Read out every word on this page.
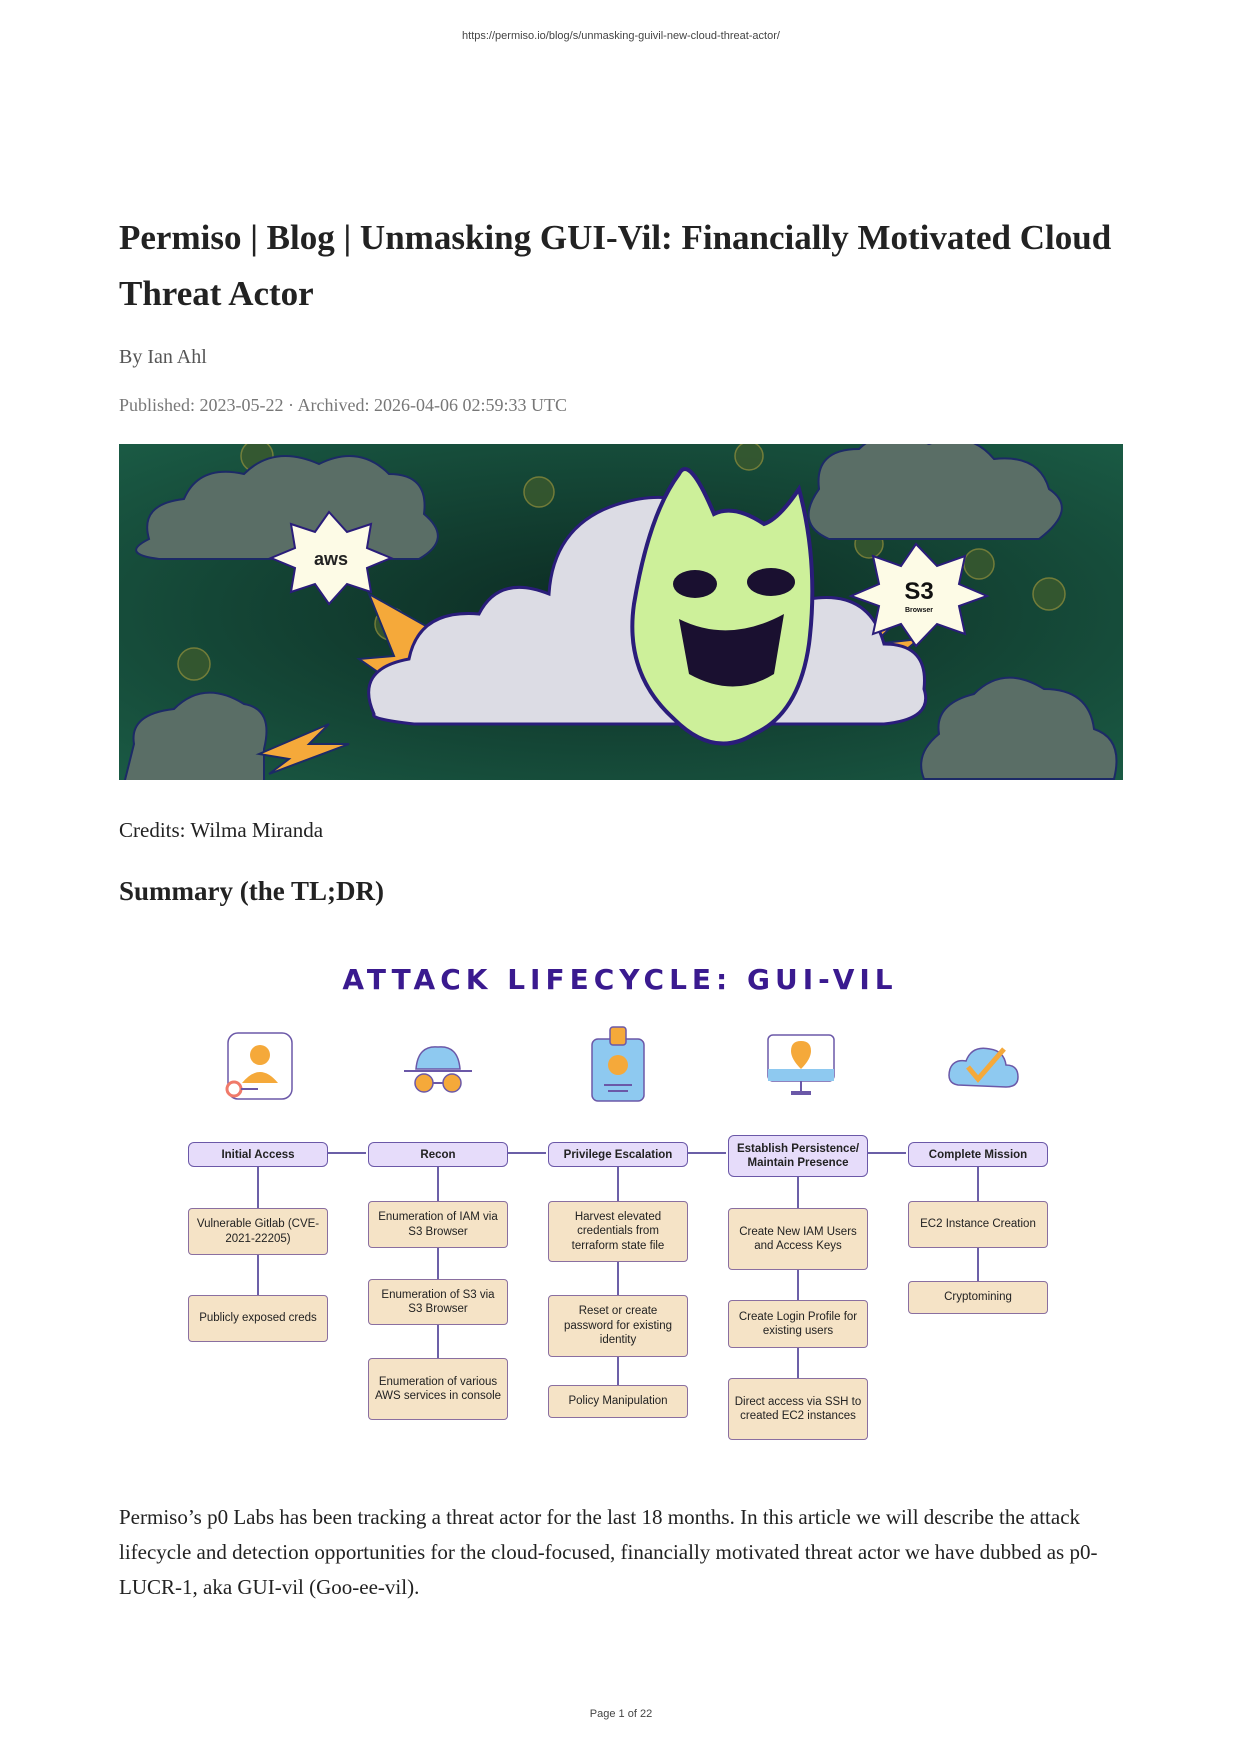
https://permiso.io/blog/s/unmasking-guivil-new-cloud-threat-actor/
Permiso | Blog | Unmasking GUI-Vil: Financially Motivated Cloud Threat Actor
By Ian Ahl
Published: 2023-05-22 · Archived: 2026-04-06 02:59:33 UTC
aws
S3
Browser
Credits: Wilma Miranda
Summary (the TL;DR)
ATTACK LIFECYCLE: GUI-VIL
Initial Access	Recon	Privilege Escalation	Establish Persistence/ Maintain Presence
Complete Mission
Vulnerable Gitlab (CVE-2021-22205)
Publicly exposed creds
Enumeration of IAM via S3 Browser
Enumeration of S3 via S3 Browser
Enumeration of various AWS services in console
Harvest elevated credentials from terraform state file
Reset or create password for existing identity
Policy Manipulation
Create New IAM Users and Access Keys
Create Login Profile for existing users
Direct access via SSH to created EC2 instances
EC2 Instance Creation
Cryptomining

Permiso’s p0 Labs has been tracking a threat actor for the last 18 months. In this article we will describe the attack lifecycle and detection opportunities for the cloud-focused, financially motivated threat actor we have dubbed as p0-LUCR-1, aka GUI-vil (Goo-ee-vil).

Page 1 of 22
